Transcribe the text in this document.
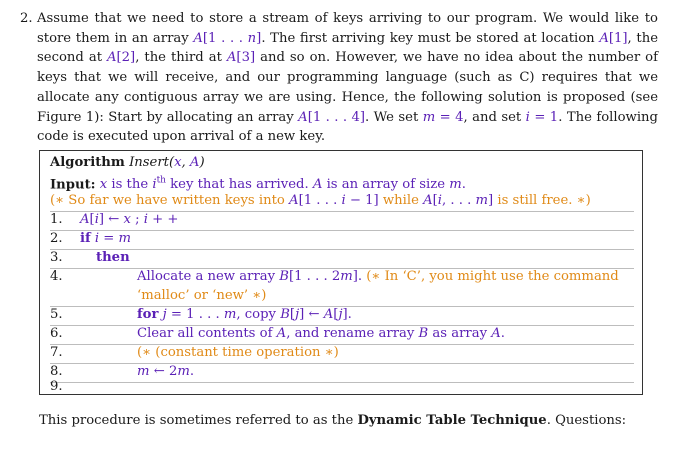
2. Assume that we need to store a stream of keys arriving to our program. We would like to store them in an array A[1 . . . n]. The first arriving key must be stored at location A[1], the second at A[2], the third at A[3] and so on. However, we have no idea about the number of keys that we will receive, and our programming language (such as C) requires that we allocate any contiguous array we are using. Hence, the following solution is proposed (see Figure 1): Start by allocating an array A[1 . . . 4]. We set m = 4, and set i = 1. The following code is executed upon arrival of a new key.

Algorithm Insert(x, A)
Input: x is the $i^{th}$ key that has arrived. A is an array of size m.
(∗ So far we have written keys into A[1 . . . i − 1] while A[i, . . . m] is still free. ∗)
1.	A[i] ← x ; i + +
2.	if i = m
3.	then
4.	Allocate a new array B[1 . . . 2m]. (∗ In ‘C’, you might use the command
‘malloc’ or ‘new’ ∗)
5.	for j = 1 . . . m, copy B[j] ← A[j].
6.	Clear all contents of A, and rename array B as array A.
7.	(∗ (constant time operation ∗)
8.	m ← 2m.
9.
This procedure is sometimes referred to as the Dynamic Table Technique. Questions:
